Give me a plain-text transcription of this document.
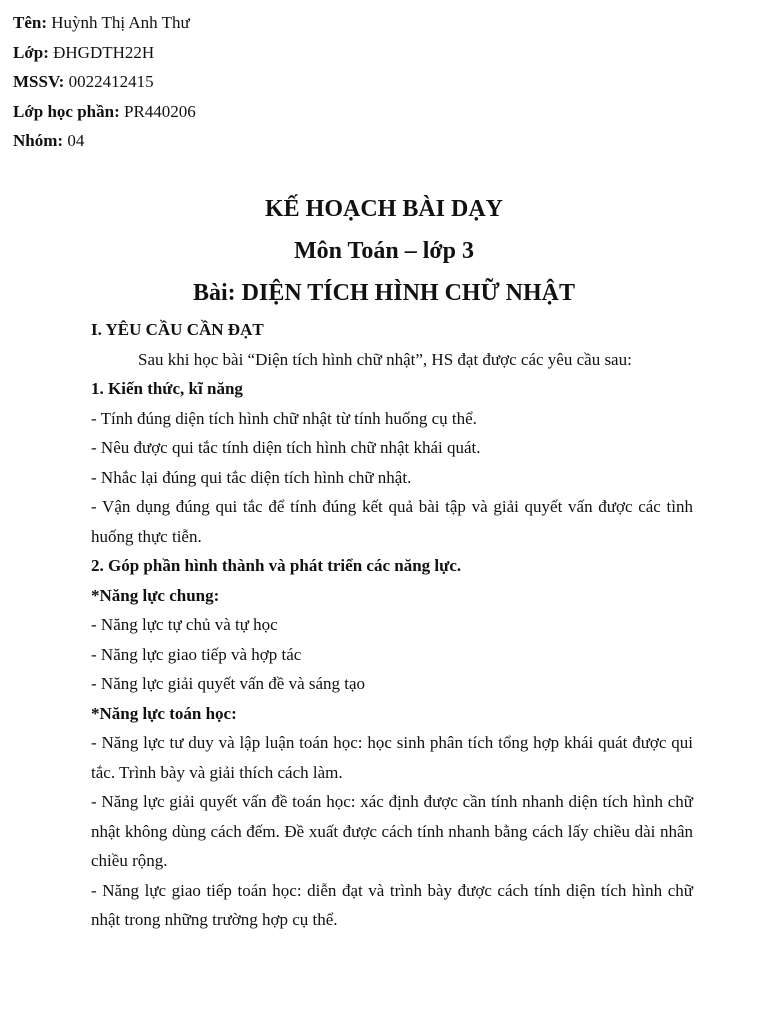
Tên: Huỳnh Thị Anh Thư
Lớp: ĐHGDTH22H
MSSV: 0022412415
Lớp học phần: PR440206
Nhóm: 04
KẾ HOẠCH BÀI DẠY
Môn Toán – lớp 3
Bài: DIỆN TÍCH HÌNH CHỮ NHẬT
I. YÊU CẦU CẦN ĐẠT
Sau khi học bài “Diện tích hình chữ nhật”, HS đạt được các yêu cầu sau:
1. Kiến thức, kĩ năng
- Tính đúng diện tích hình chữ nhật từ tính huống cụ thể.
- Nêu được qui tắc tính diện tích hình chữ nhật khái quát.
- Nhắc lại đúng qui tắc diện tích hình chữ nhật.
- Vận dụng đúng qui tắc để tính đúng kết quả bài tập và giải quyết vấn được các tình huống thực tiễn.
2. Góp phần hình thành và phát triển các năng lực.
*Năng lực chung:
- Năng lực tự chủ và tự học
- Năng lực giao tiếp và hợp tác
- Năng lực giải quyết vấn đề và sáng tạo
*Năng lực toán học:
- Năng lực tư duy và lập luận toán học: học sinh phân tích tổng hợp khái quát được qui tắc. Trình bày và giải thích cách làm.
- Năng lực giải quyết vấn đề toán học: xác định được cần tính nhanh diện tích hình chữ nhật không dùng cách đếm. Đề xuất được cách tính nhanh bằng cách lấy chiều dài nhân chiều rộng.
- Năng lực giao tiếp toán học: diễn đạt và trình bày được cách tính diện tích hình chữ nhật trong những trường hợp cụ thể.
